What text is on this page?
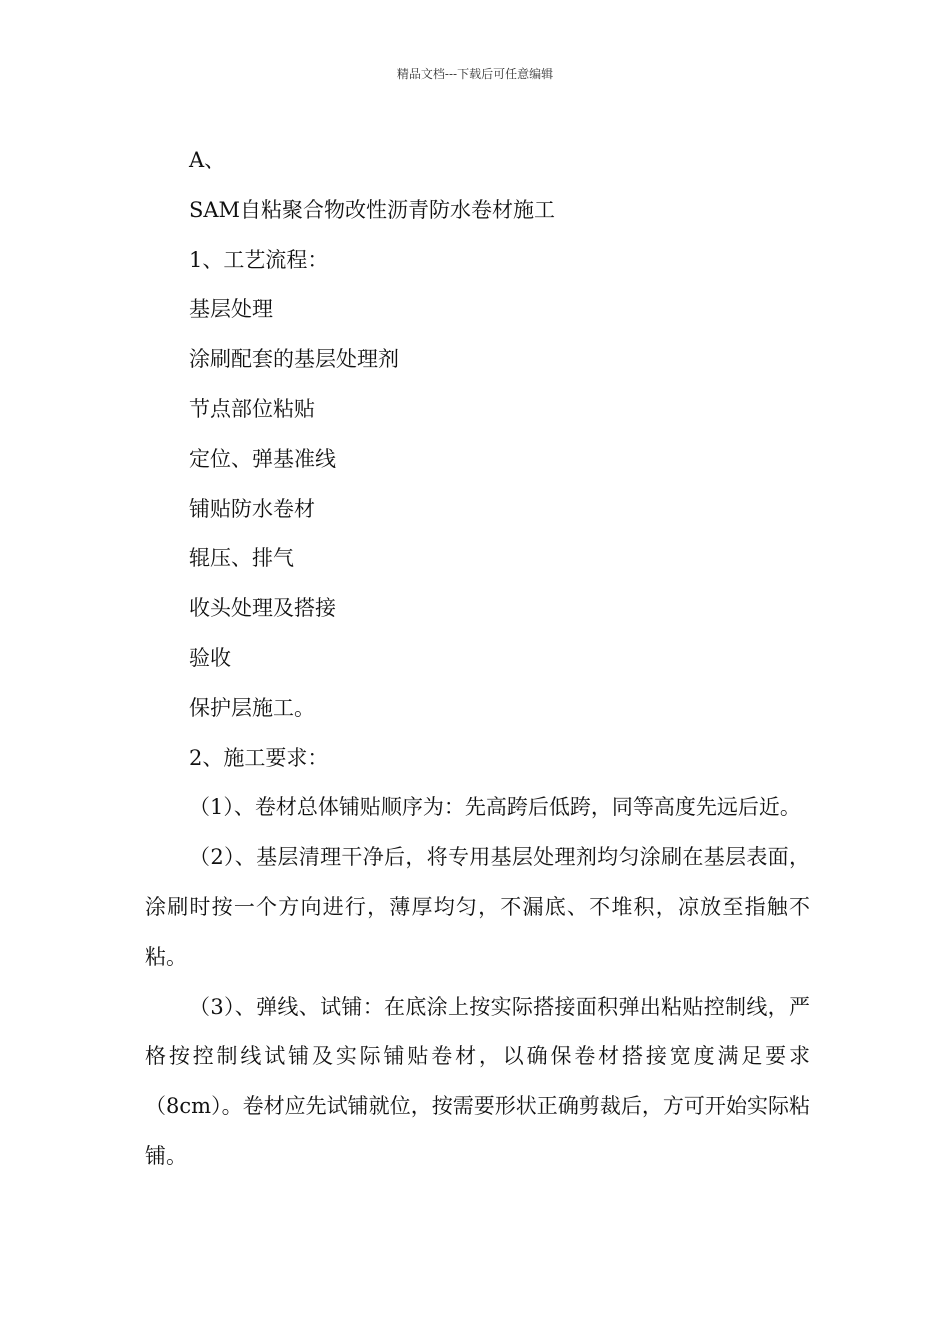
精品文档---下载后可任意编辑

A、

SAM自粘聚合物改性沥青防水卷材施工

1、工艺流程：

基层处理

涂刷配套的基层处理剂

节点部位粘贴

定位、弹基准线

铺贴防水卷材

辊压、排气

收头处理及搭接

验收

保护层施工。

2、施工要求：

（1）、卷材总体铺贴顺序为：先高跨后低跨，同等高度先远后近。

（2）、基层清理干净后，将专用基层处理剂均匀涂刷在基层表面，涂刷时按一个方向进行，薄厚均匀，不漏底、不堆积，凉放至指触不粘。

（3）、弹线、试铺：在底涂上按实际搭接面积弹出粘贴控制线，严格按控制线试铺及实际铺贴卷材，以确保卷材搭接宽度满足要求（8cm）。卷材应先试铺就位，按需要形状正确剪裁后，方可开始实际粘铺。
